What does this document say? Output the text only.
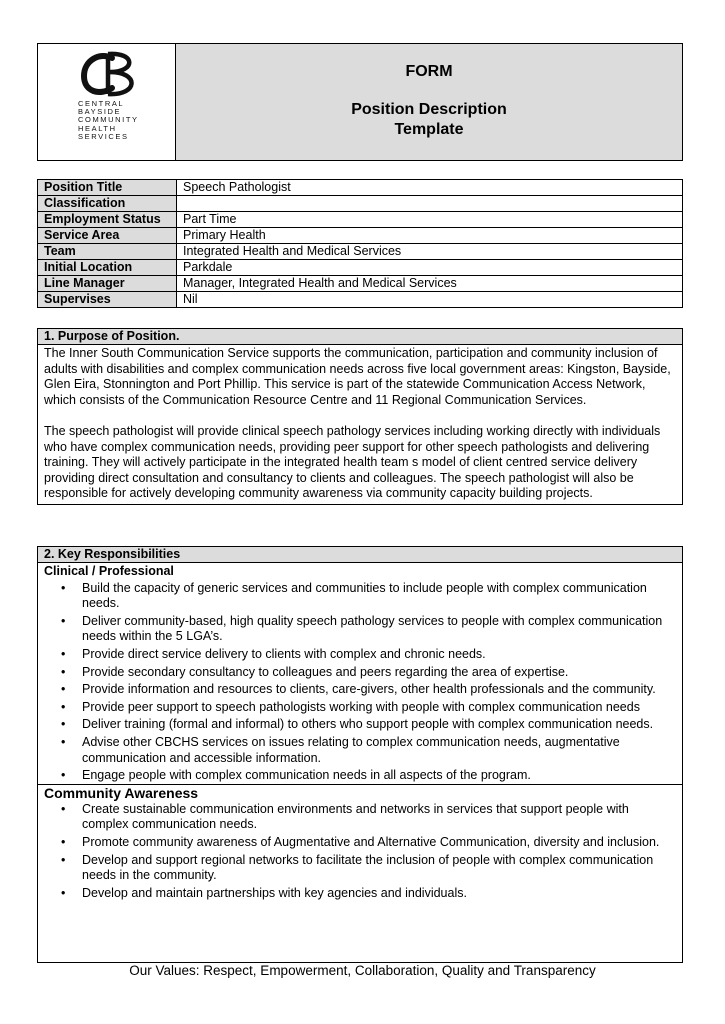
CENTRAL
BAYSIDE
COMMUNITY
HEALTH
SERVICES
FORM
Position Description
Template
Position Title	Speech Pathologist
Classification	
Employment Status	Part Time
Service Area	Primary Health
Team	Integrated Health and Medical Services
Initial Location	Parkdale
Line Manager	Manager, Integrated Health and Medical Services
Supervises	Nil
1. Purpose of Position.

The Inner South Communication Service supports the communication, participation and community inclusion of adults with disabilities and complex communication needs across five local government areas: Kingston, Bayside, Glen Eira, Stonnington and Port Phillip. This service is part of the statewide Communication Access Network, which consists of the Communication Resource Centre and 11 Regional Communication Services.

The speech pathologist will provide clinical speech pathology services including working directly with individuals who have complex communication needs, providing peer support for other speech pathologists and delivering training. They will actively participate in the integrated health team s model of client centred service delivery providing direct consultation and consultancy to clients and colleagues. The speech pathologist will also be responsible for actively developing community awareness via community capacity building projects.

2. Key Responsibilities
Clinical / Professional
• Build the capacity of generic services and communities to include people with complex communication needs.
• Deliver community-based, high quality speech pathology services to people with complex communication needs within the 5 LGA’s.
• Provide direct service delivery to clients with complex and chronic needs.
• Provide secondary consultancy to colleagues and peers regarding the area of expertise.
• Provide information and resources to clients, care-givers, other health professionals and the community.
• Provide peer support to speech pathologists working with people with complex communication needs
• Deliver training (formal and informal) to others who support people with complex communication needs.
• Advise other CBCHS services on issues relating to complex communication needs, augmentative communication and accessible information.
• Engage people with complex communication needs in all aspects of the program.
Community Awareness
• Create sustainable communication environments and networks in services that support people with complex communication needs.
• Promote community awareness of Augmentative and Alternative Communication, diversity and inclusion.
• Develop and support regional networks to facilitate the inclusion of people with complex communication needs in the community.
• Develop and maintain partnerships with key agencies and individuals.
Our Values: Respect, Empowerment, Collaboration, Quality and Transparency
